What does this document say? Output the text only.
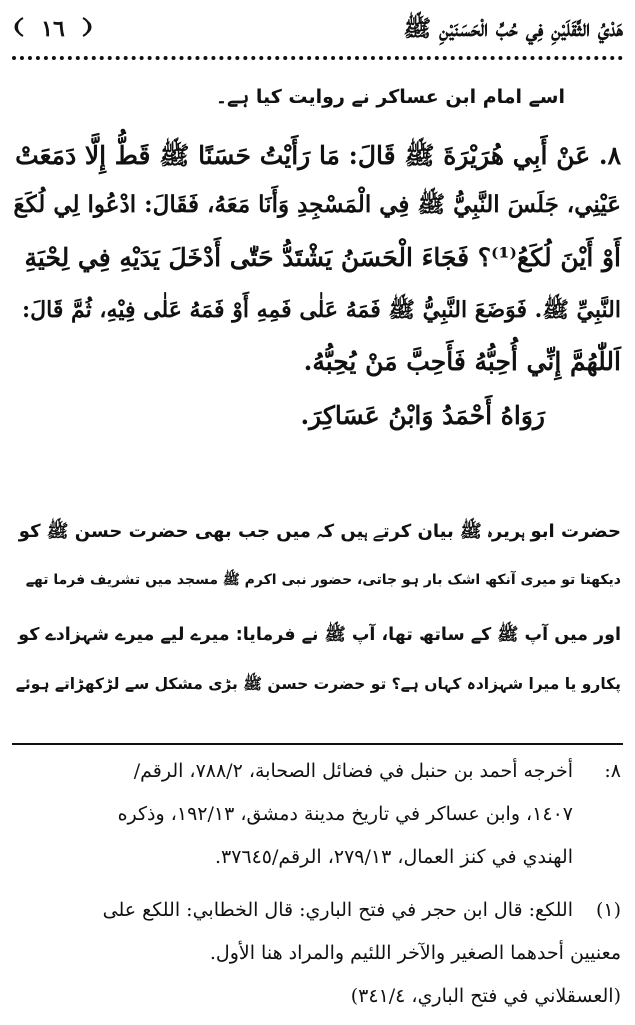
هَدْيُ الثَّقَلَيْنِ فِي حُبِّ الْحَسَنَيْنِ ﷺ
١٦
اسے امام ابن عساکر نے روایت کیا ہے۔
٨. عَنْ أَبِي هُرَيْرَةَ ﷺ قَالَ: مَا رَأَيْتُ حَسَنًا ﷺ قَطُّ إِلَّا دَمَعَتْ
عَيْنِي، جَلَسَ النَّبِيُّ ﷺ فِي الْمَسْجِدِ وَأَنَا مَعَهُ، فَقَالَ: ادْعُوا لِي لُكَعَ
أَوْ أَيْنَ لُكَعُ⁽¹⁾؟ فَجَاءَ الْحَسَنُ يَشْتَدُّ حَتّٰى أَدْخَلَ يَدَيْهِ فِي لِحْيَةِ
النَّبِيِّ ﷺ. فَوَضَعَ النَّبِيُّ ﷺ فَمَهُ عَلٰى فَمِهِ أَوْ فَمَهُ عَلٰى فِيْهِ، ثُمَّ قَالَ:
اَللّٰهُمَّ إِنِّي أُحِبُّهُ فَأَحِبَّ مَنْ يُحِبُّهُ.
رَوَاهُ أَحْمَدُ وَابْنُ عَسَاكِرَ.
حضرت ابو ہریرہ ﷺ بیان کرتے ہیں کہ میں جب بھی حضرت حسن ﷺ کو
دیکھتا تو میری آنکھ اشک بار ہو جاتی، حضور نبی اکرم ﷺ مسجد میں تشریف فرما تھے
اور میں آپ ﷺ کے ساتھ تھا، آپ ﷺ نے فرمایا: میرے لیے میرے شہزادے کو
پکارو یا میرا شہزادہ کہاں ہے؟ تو حضرت حسن ﷺ بڑی مشکل سے لڑکھڑاتے ہوئے
٨:
أخرجه أحمد بن حنبل في فضائل الصحابة، ٧٨٨/٢، الرقم/
١٤٠٧، وابن عساكر في تاريخ مدينة دمشق، ١٩٢/١٣، وذكره
الهندي في كنز العمال، ٢٧٩/١٣، الرقم/٣٧٦٤٥.
(١)
اللكع: قال ابن حجر في فتح الباري: قال الخطابي: اللكع على
معنيين أحدهما الصغير والآخر اللئيم والمراد هنا الأول.
(العسقلاني في فتح الباري، ٣٤١/٤)
